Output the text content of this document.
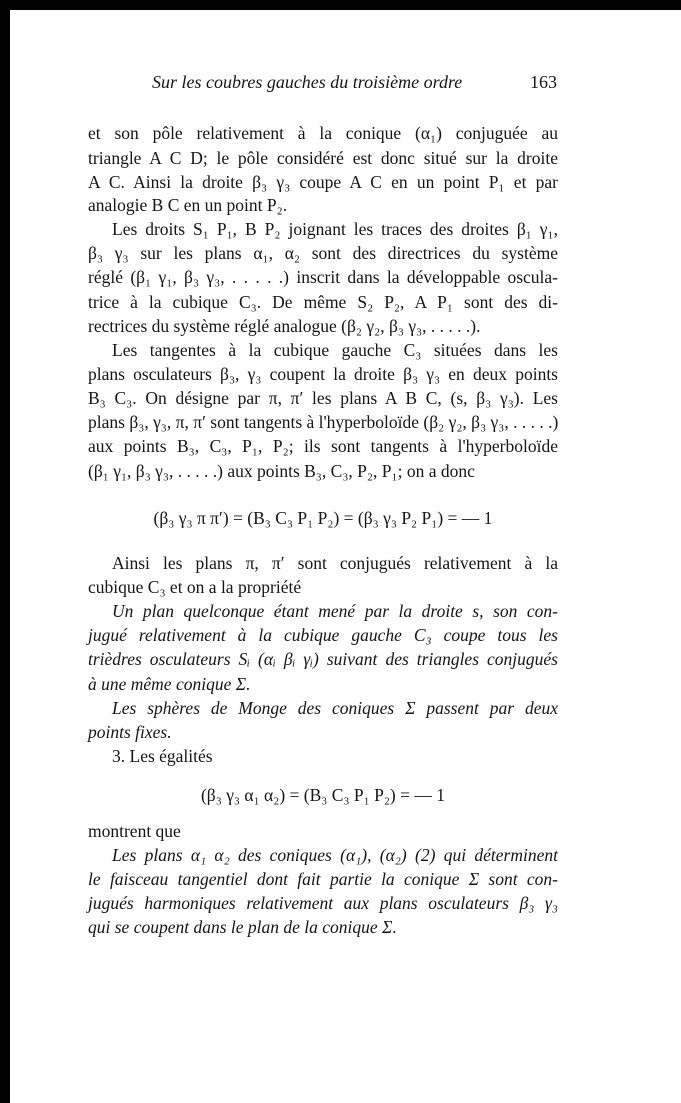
Sur les coubres gauches du troisième ordre	163
et son pôle relativement à la conique (α₁) conjuguée au
triangle A C D; le pôle considéré est donc situé sur la droite
A C. Ainsi la droite β₃ γ₃ coupe A C en un point P₁ et par
analogie B C en un point P₂.
Les droits S₁ P₁, B P₂ joignant les traces des droites β₁ γ₁,
β₃ γ₃ sur les plans α₁, α₂ sont des directrices du système
réglé (β₁ γ₁, β₃ γ₃, . . . . .) inscrit dans la développable oscula-
trice à la cubique C₃. De même S₂ P₂, A P₁ sont des di-
rectrices du système réglé analogue (β₂ γ₂, β₃ γ₃, . . . . .).
Les tangentes à la cubique gauche C₃ situées dans les
plans osculateurs β₃, γ₃ coupent la droite β₃ γ₃ en deux points
B₃ C₃. On désigne par π, π′ les plans A B C, (s, β₃ γ₃). Les
plans β₃, γ₃, π, π′ sont tangents à l'hyperboloïde (β₂ γ₂, β₃ γ₃, . . . . .)
aux points B₃, C₃, P₁, P₂; ils sont tangents à l'hyperboloïde
(β₁ γ₁, β₃ γ₃, . . . . .) aux points B₃, C₃, P₂, P₁; on a donc
(β₃ γ₃ π π′) = (B₃ C₃ P₁ P₂) = (β₃ γ₃ P₂ P₁) = — 1
Ainsi les plans π, π′ sont conjugués relativement à la
cubique C₃ et on a la propriété
Un plan quelconque étant mené par la droite s, son con-
jugué relativement à la cubique gauche C₃ coupe tous les
trièdres osculateurs Sᵢ (αᵢ βᵢ γᵢ) suivant des triangles conjugués
à une même conique Σ.
Les sphères de Monge des coniques Σ passent par deux
points fixes.
3. Les égalités
(β₃ γ₃ α₁ α₂) = (B₃ C₃ P₁ P₂) = — 1
montrent que
Les plans α₁ α₂ des coniques (α₁), (α₂) (2) qui déterminent
le faisceau tangentiel dont fait partie la conique Σ sont con-
jugués harmoniques relativement aux plans osculateurs β₃ γ₃
qui se coupent dans le plan de la conique Σ.
